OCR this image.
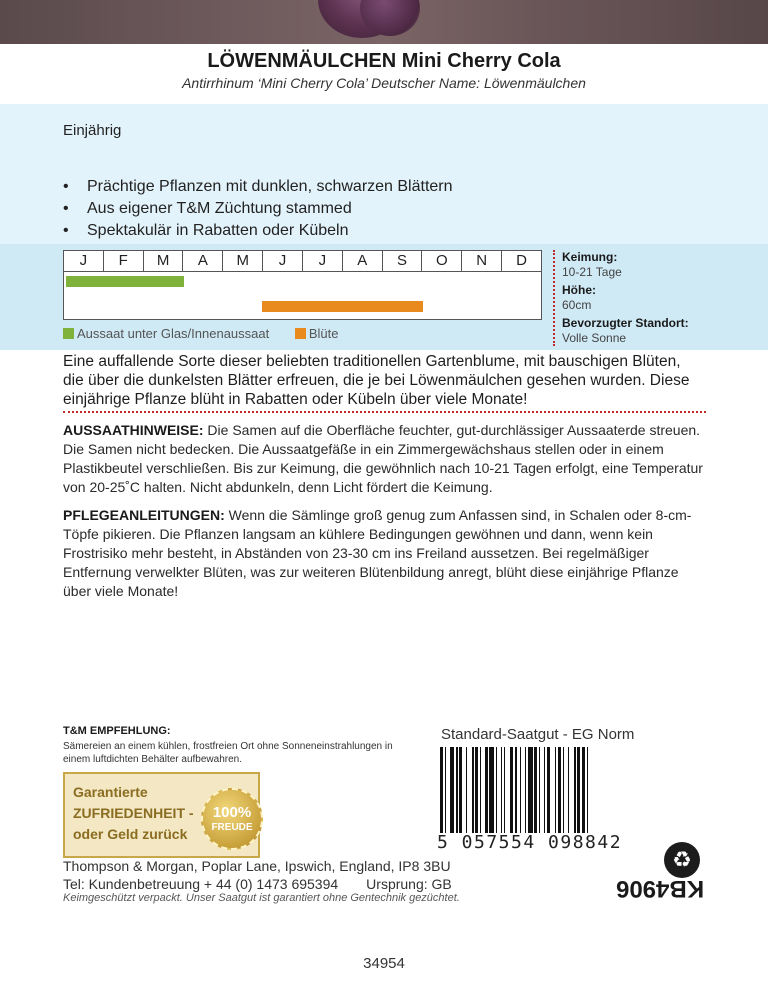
LÖWENMÄULCHEN Mini Cherry Cola
Antirrhinum ‘Mini Cherry Cola’ Deutscher Name: Löwenmäulchen
Einjährig
• Prächtige Pflanzen mit dunklen, schwarzen Blättern
• Aus eigener T&M Züchtung stammed
• Spektakulär in Rabatten oder Kübeln
J	F	M	A	M	J	J	A	S	O	N	D
Aussaat unter Glas/Innenaussaat	Blüte
Keimung:
10-21 Tage
Höhe:
60cm
Bevorzugter Standort:
Volle Sonne
Eine auffallende Sorte dieser beliebten traditionellen Gartenblume, mit bauschigen Blüten, die über die dunkelsten Blätter erfreuen, die je bei Löwenmäulchen gesehen wurden. Diese einjährige Pflanze blüht in Rabatten oder Kübeln über viele Monate!
AUSSAATHINWEISE: Die Samen auf die Oberfläche feuchter, gut-durchlässiger Aussaaterde streuen. Die Samen nicht bedecken. Die Aussaatgefäße in ein Zimmergewächshaus stellen oder in einem Plastikbeutel verschließen. Bis zur Keimung, die gewöhnlich nach 10-21 Tagen erfolgt, eine Temperatur von 20-25˚C halten. Nicht abdunkeln, denn Licht fördert die Keimung.
PFLEGEANLEITUNGEN: Wenn die Sämlinge groß genug zum Anfassen sind, in Schalen oder 8-cm-Töpfe pikieren. Die Pflanzen langsam an kühlere Bedingungen gewöhnen und dann, wenn kein Frostrisiko mehr besteht, in Abständen von 23-30 cm ins Freiland aussetzen. Bei regelmäßiger Entfernung verwelkter Blüten, was zur weiteren Blütenbildung anregt, blüht diese einjährige Pflanze über viele Monate!
T&M EMPFEHLUNG:
Sämereien an einem kühlen, frostfreien Ort ohne Sonneneinstrahlungen in einem luftdichten Behälter aufbewahren.
Garantierte
ZUFRIEDENHEIT -
oder Geld zurück
100%
FREUDE
Thompson & Morgan, Poplar Lane, Ipswich, England, IP8 3BU
Tel: Kundenbetreuung + 44 (0) 1473 695394 Ursprung: GB
Keimgeschützt verpackt. Unser Saatgut ist garantiert ohne Gentechnik gezüchtet.
Standard-Saatgut - EG Norm
5 057554 098842
♻
KB4906
34954
